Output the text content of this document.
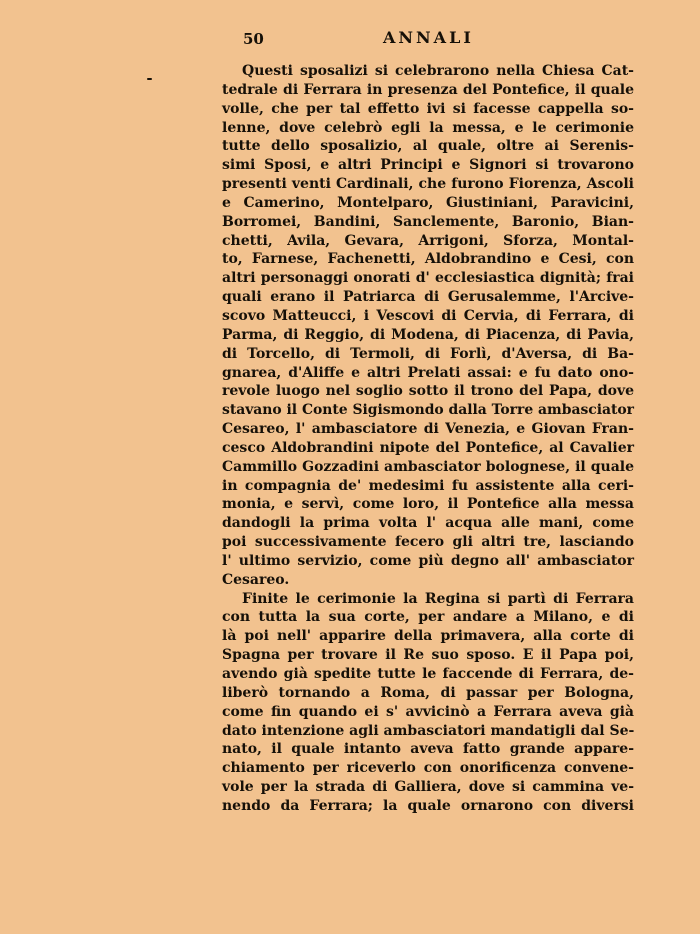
50	ANNALI
Questi sposalizi si celebrarono nella Chiesa Cat-
tedrale di Ferrara in presenza del Pontefice, il quale
volle, che per tal effetto ivi si facesse cappella so-
lenne, dove celebrò egli la messa, e le cerimonie
tutte dello sposalizio, al quale, oltre ai Serenis-
simi Sposi, e altri Principi e Signori si trovarono
presenti venti Cardinali, che furono Fiorenza, Ascoli
e Camerino, Montelparo, Giustiniani, Paravicini,
Borromei, Bandini, Sanclemente, Baronio, Bian-
chetti, Avila, Gevara, Arrigoni, Sforza, Montal-
to, Farnese, Fachenetti, Aldobrandino e Cesi, con
altri personaggi onorati d' ecclesiastica dignità; frai
quali erano il Patriarca di Gerusalemme, l'Arcive-
scovo Matteucci, i Vescovi di Cervia, di Ferrara, di
Parma, di Reggio, di Modena, di Piacenza, di Pavia,
di Torcello, di Termoli, di Forlì, d'Aversa, di Ba-
gnarea, d'Aliffe e altri Prelati assai: e fu dato ono-
revole luogo nel soglio sotto il trono del Papa, dove
stavano il Conte Sigismondo dalla Torre ambasciator
Cesareo, l' ambasciatore di Venezia, e Giovan Fran-
cesco Aldobrandini nipote del Pontefice, al Cavalier
Cammillo Gozzadini ambasciator bolognese, il quale
in compagnia de' medesimi fu assistente alla ceri-
monia, e servì, come loro, il Pontefice alla messa
dandogli la prima volta l' acqua alle mani, come
poi successivamente fecero gli altri tre, lasciando
l' ultimo servizio, come più degno all' ambasciator
Cesareo.
Finite le cerimonie la Regina si partì di Ferrara
con tutta la sua corte, per andare a Milano, e di
là poi nell' apparire della primavera, alla corte di
Spagna per trovare il Re suo sposo. E il Papa poi,
avendo già spedite tutte le faccende di Ferrara, de-
liberò tornando a Roma, di passar per Bologna,
come fin quando ei s' avvicinò a Ferrara aveva già
dato intenzione agli ambasciatori mandatigli dal Se-
nato, il quale intanto aveva fatto grande appare-
chiamento per riceverlo con onorificenza convene-
vole per la strada di Galliera, dove si cammina ve-
nendo da Ferrara; la quale ornarono con diversi
